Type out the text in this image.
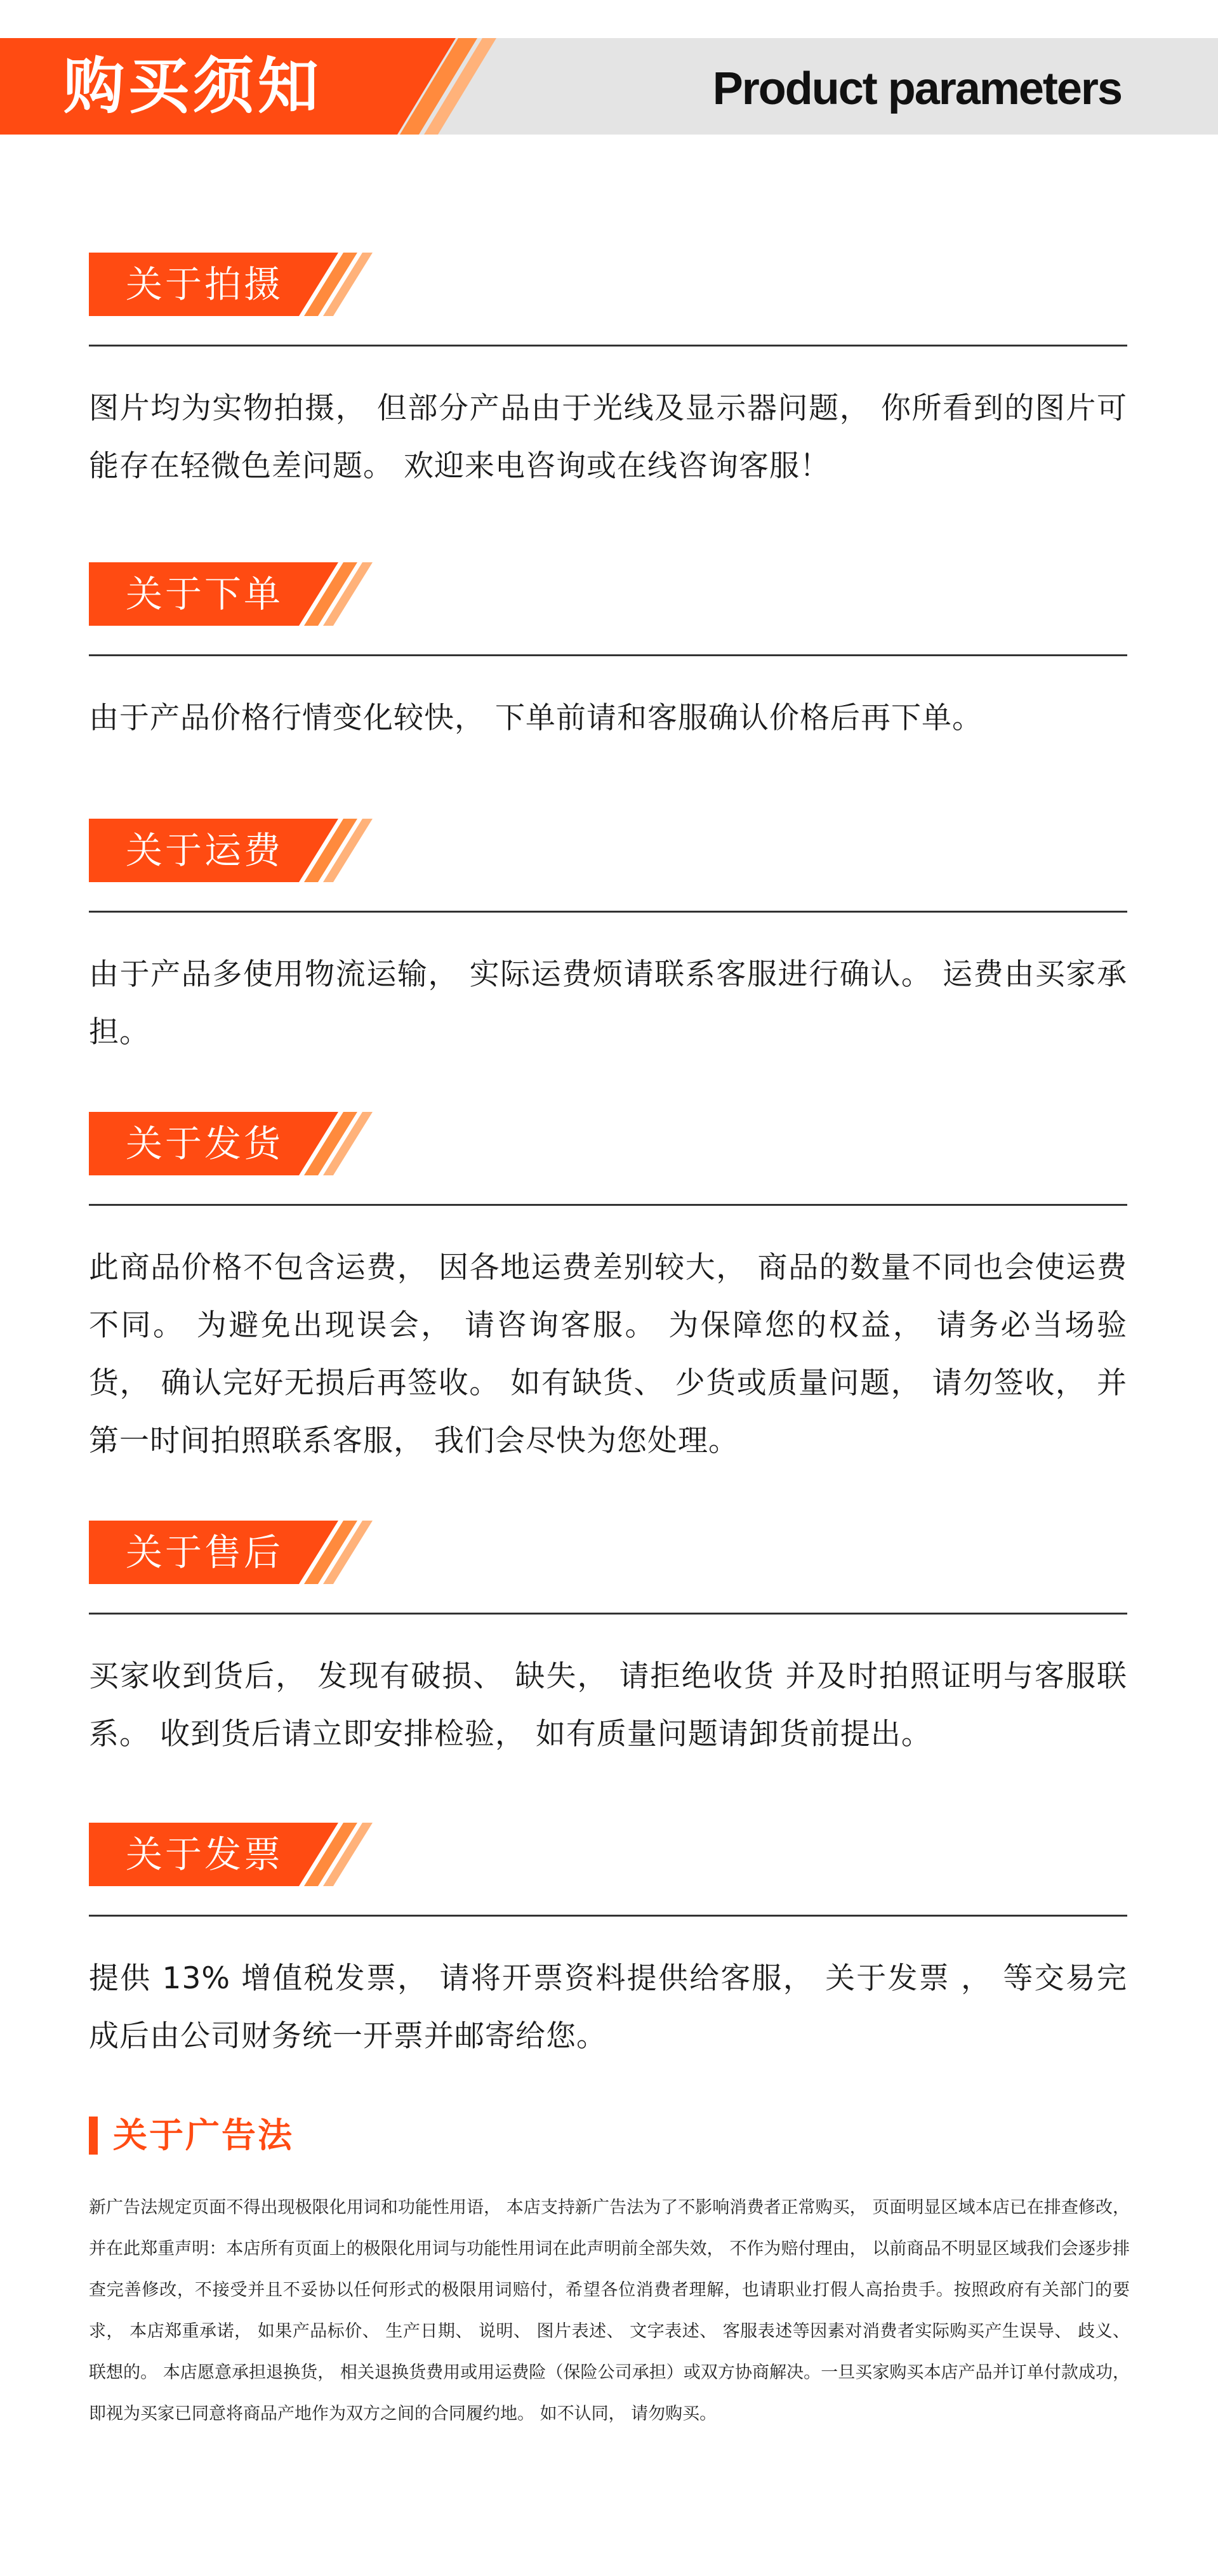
购买须知	Product parameters
关于拍摄

图片均为实物拍摄， 但部分产品由于光线及显示器问题， 你所看到的图片可能存在轻微色差问题。 欢迎来电咨询或在线咨询客服！

关于下单

由于产品价格行情变化较快， 下单前请和客服确认价格后再下单。

关于运费

由于产品多使用物流运输， 实际运费烦请联系客服进行确认。 运费由买家承担。

关于发货

此商品价格不包含运费， 因各地运费差别较大， 商品的数量不同也会使运费不同。 为避免出现误会， 请咨询客服。 为保障您的权益， 请务必当场验货， 确认完好无损后再签收。 如有缺货、 少货或质量问题， 请勿签收， 并第一时间拍照联系客服， 我们会尽快为您处理。

关于售后

买家收到货后， 发现有破损、 缺失， 请拒绝收货 并及时拍照证明与客服联系。 收到货后请立即安排检验， 如有质量问题请卸货前提出。

关于发票

提供 13% 增值税发票， 请将开票资料提供给客服， 关于发票 ， 等交易完成后由公司财务统一开票并邮寄给您。

关于广告法

新广告法规定页面不得出现极限化用词和功能性用语， 本店支持新广告法为了不影响消费者正常购买， 页面明显区域本店已在排查修改， 并在此郑重声明：本店所有页面上的极限化用词与功能性用词在此声明前全部失效， 不作为赔付理由， 以前商品不明显区域我们会逐步排查完善修改，不接受并且不妥协以任何形式的极限用词赔付，希望各位消费者理解，也请职业打假人高抬贵手。按照政府有关部门的要求， 本店郑重承诺， 如果产品标价、 生产日期、 说明、 图片表述、 文字表述、 客服表述等因素对消费者实际购买产生误导、 歧义、 联想的。 本店愿意承担退换货， 相关退换货费用或用运费险（保险公司承担）或双方协商解决。一旦买家购买本店产品并订单付款成功， 即视为买家已同意将商品产地作为双方之间的合同履约地。 如不认同， 请勿购买。
